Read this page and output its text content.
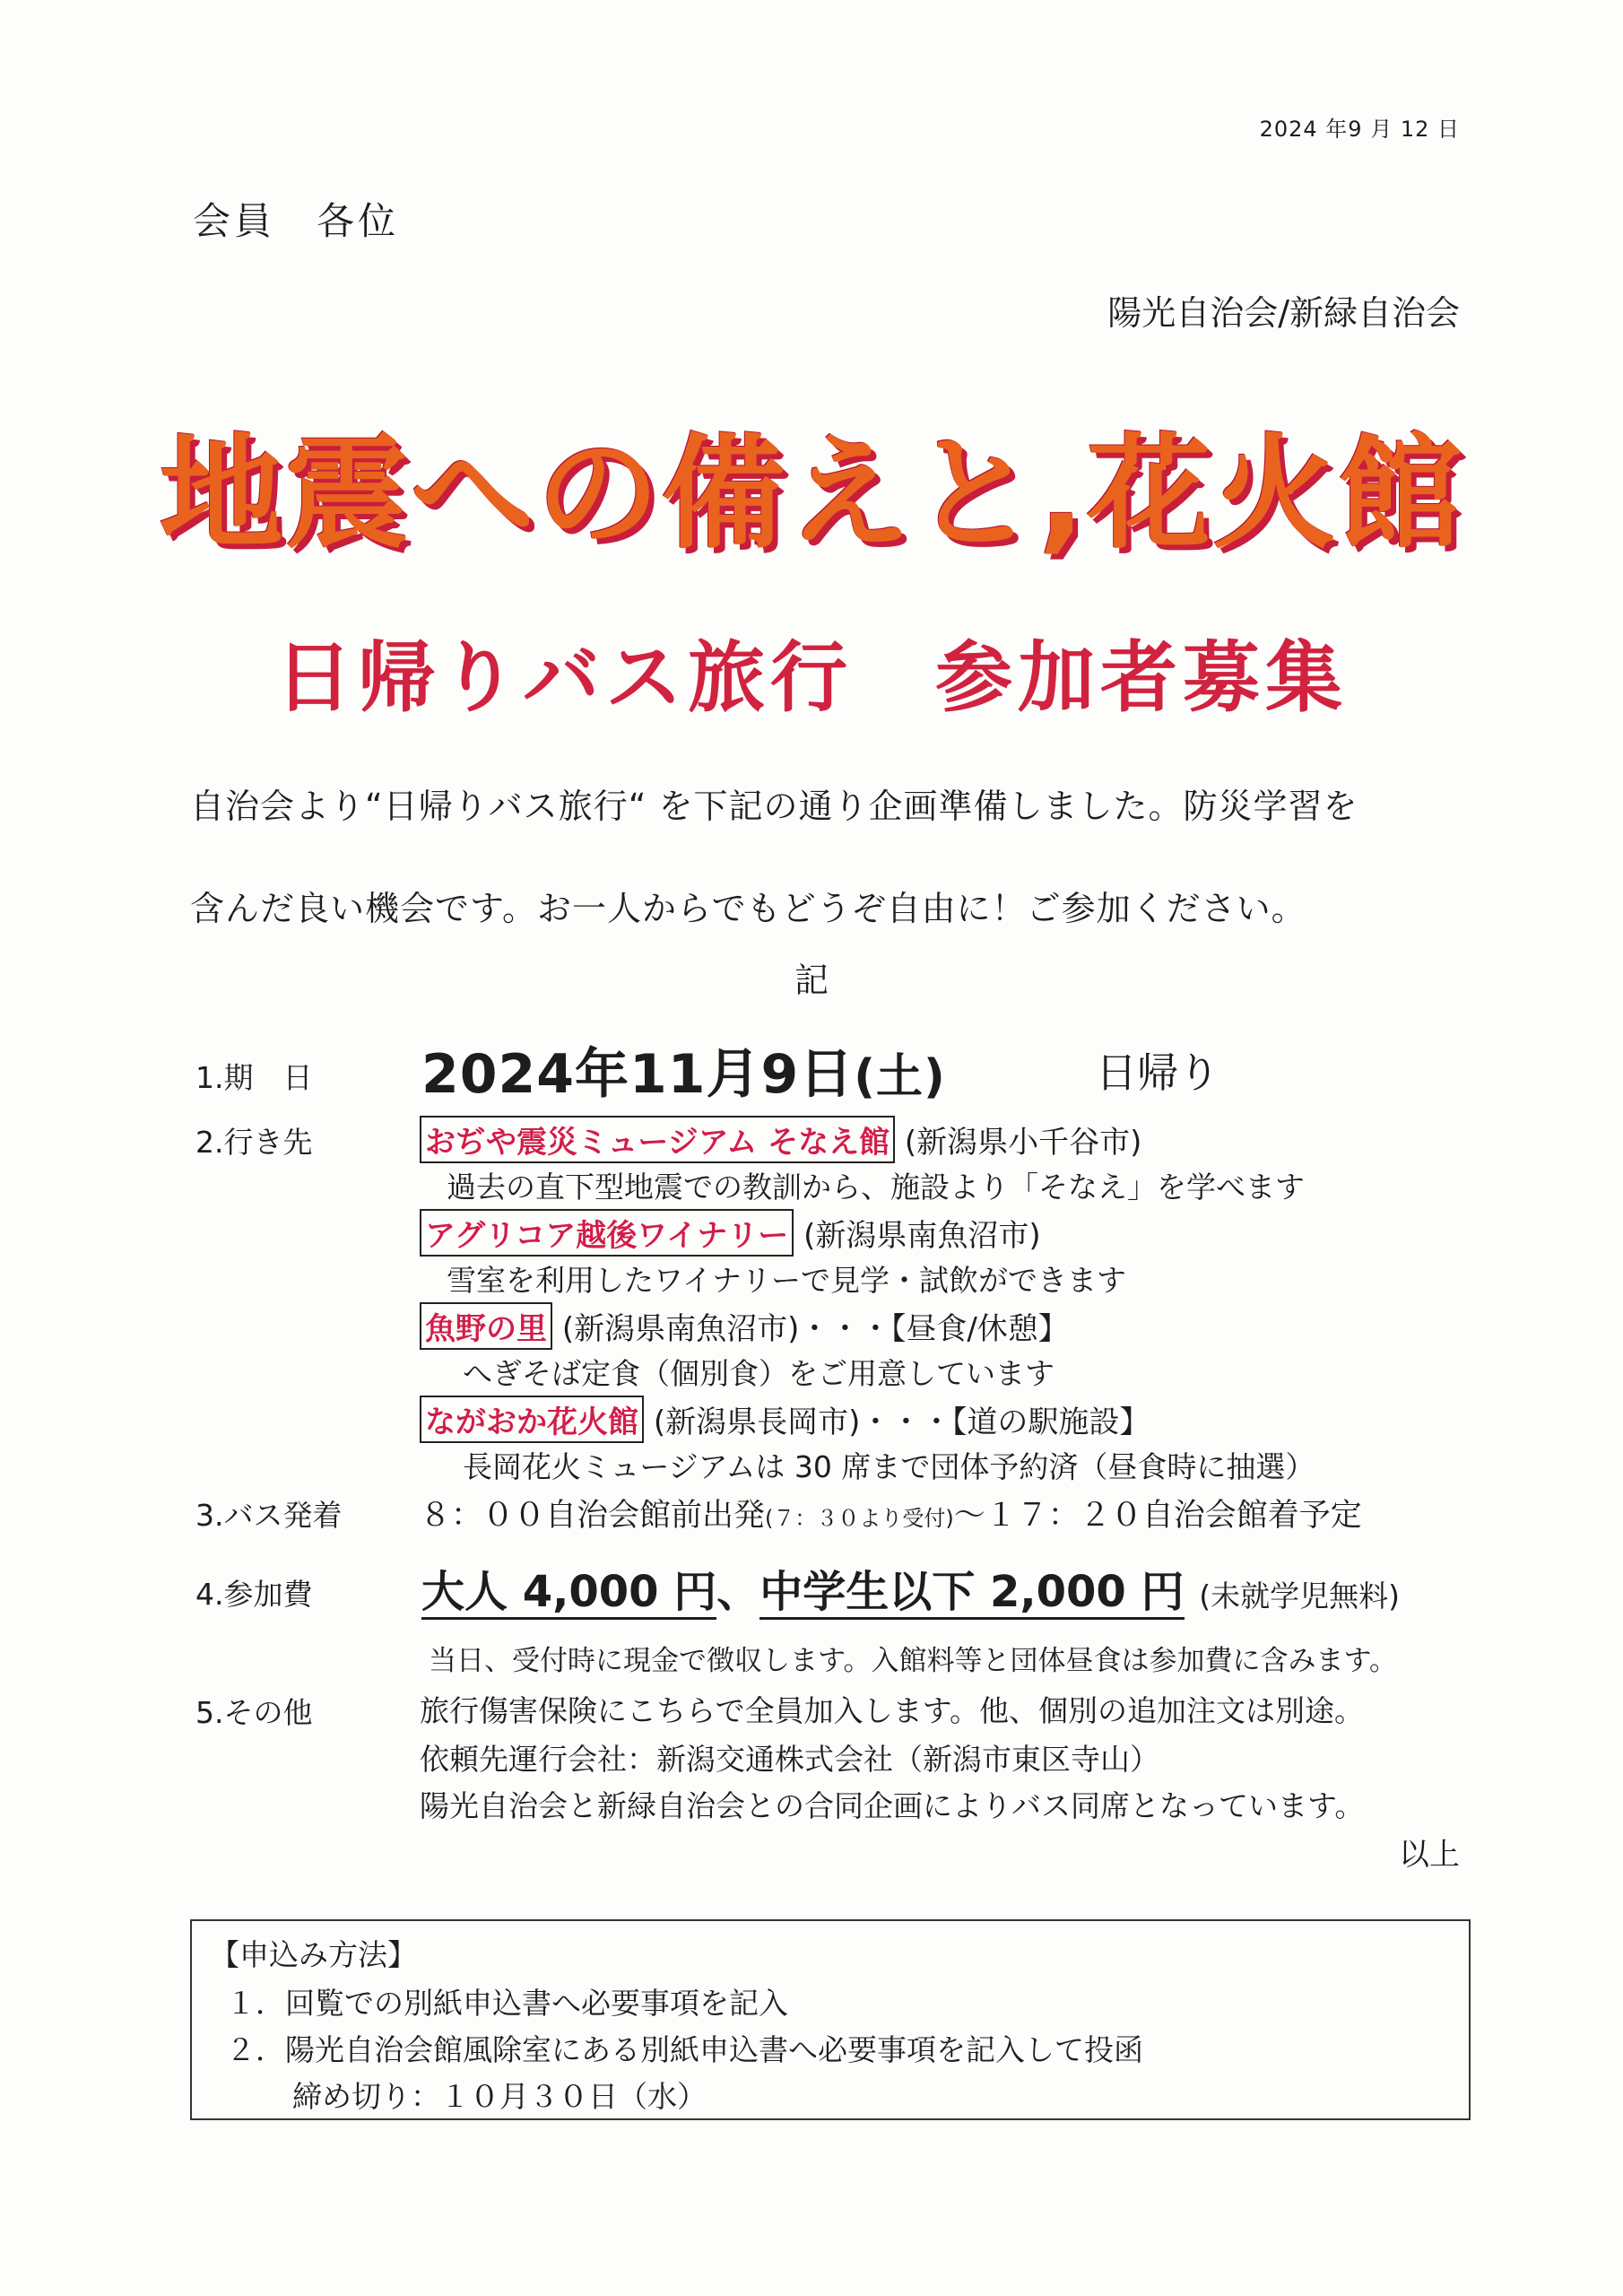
2024 年9 月 12 日
会員　各位
陽光自治会/新緑自治会
地震への備えと,花火館
日帰りバス旅行　参加者募集
自治会より“日帰りバス旅行“ を下記の通り企画準備しました。防災学習を
含んだ良い機会です。お一人からでもどうぞ自由に！ご参加ください。
記
1.期　日 2024年11月9日(土)	日帰り
2.行き先	おぢや震災ミュージアム そなえ館 (新潟県小千谷市)
過去の直下型地震での教訓から、施設より「そなえ」を学べます
アグリコア越後ワイナリー (新潟県南魚沼市)
雪室を利用したワイナリーで見学・試飲ができます
魚野の里 (新潟県南魚沼市)・・・【昼食/休憩】
へぎそば定食（個別食）をご用意しています
ながおか花火館 (新潟県長岡市)・・・【道の駅施設】
長岡花火ミュージアムは 30 席まで団体予約済（昼食時に抽選）
3.バス発着 ８：００自治会館前出発(７：３０より受付)～１７：２０自治会館着予定
4.参加費	大人 4,000 円、中学生以下 2,000 円 (未就学児無料)
当日、受付時に現金で徴収します。入館料等と団体昼食は参加費に含みます。
5.その他	旅行傷害保険にこちらで全員加入します。他、個別の追加注文は別途。
依頼先運行会社：新潟交通株式会社（新潟市東区寺山）
陽光自治会と新緑自治会との合同企画によりバス同席となっています。
以上
【申込み方法】
１．回覧での別紙申込書へ必要事項を記入
２．陽光自治会館風除室にある別紙申込書へ必要事項を記入して投函
締め切り：１０月３０日（水）
